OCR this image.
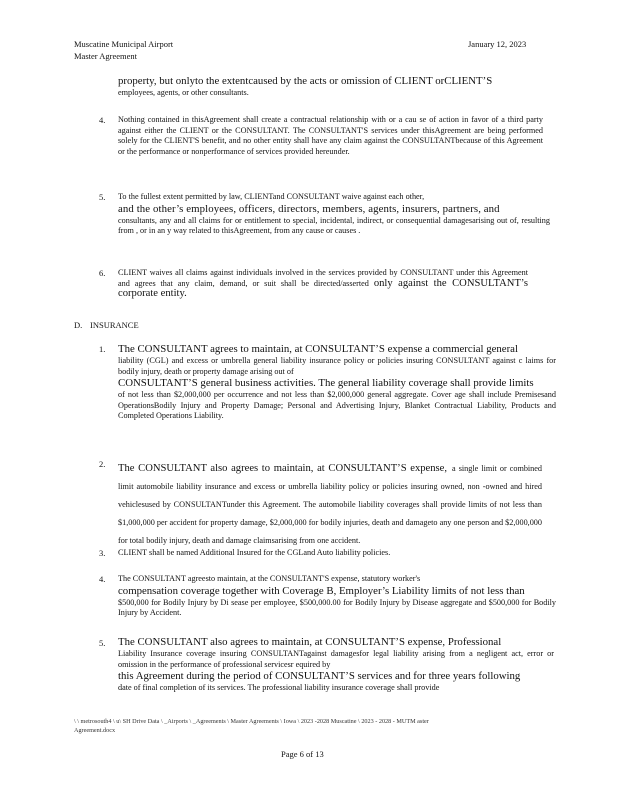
Muscatine Municipal Airport
Master Agreement
January 12, 2023
property, but onlyto the extentcaused by the acts or omission of CLIENT orCLIENT’S
employees, agents, or other consultants.
4. Nothing contained in thisAgreement shall create a contractual relationship with or a cau se of action in favor of a third party against either the CLIENT or the CONSULTANT. The CONSULTANT'S services under thisAgreement are being performed solely for the CLIENT'S benefit, and no other entity shall have any claim against the CONSULTANTbecause of this Agreement or the performance or nonperformance of services provided hereunder.
5. To the fullest extent permitted by law, CLIENTand CONSULTANT waive against each other,
and the other’s employees, officers, directors, members, agents, insurers, partners, and
consultants, any and all claims for or entitlement to special, incidental, indirect, or consequential damagesarising out of, resulting from , or in an y way related to thisAgreement, from any cause or causes .
6. CLIENT waives all claims against individuals involved in the services provided by CONSULTANT under this Agreement and agrees that any claim, demand, or suit shall be directed/asserted only against the CONSULTANT’s corporate entity.
D. INSURANCE
1. The CONSULTANT agrees to maintain, at CONSULTANT’S expense a commercial general
liability (CGL) and excess or umbrella general liability insurance policy or policies insuring CONSULTANT against c laims for bodily injury, death or property damage arising out of
CONSULTANT’S general business activities. The general liability coverage shall provide limits
of not less than $2,000,000 per occurrence and not less than $2,000,000 general aggregate. Cover age shall include Premisesand OperationsBodily Injury and Property Damage; Personal and Advertising Injury, Blanket Contractual Liability, Products and Completed Operations Liability.
2. The CONSULTANT also agrees to maintain, at CONSULTANT’S expense, a single limit or combined limit automobile liability insurance and excess or umbrella liability policy or policies insuring owned, non -owned and hired vehiclesused by CONSULTANTunder this Agreement. The automobile liability coverages shall provide limits of not less than $1,000,000 per accident for property damage, $2,000,000 for bodily injuries, death and damageto any one person and $2,000,000 for total bodily injury, death and damage claimsarising from one accident.
3. CLIENT shall be named Additional Insured for the CGLand Auto liability policies.
4. The CONSULTANT agreesto maintain, at the CONSULTANT'S expense, statutory worker's
compensation coverage together with Coverage B, Employer’s Liability limits of not less than
$500,000 for Bodily Injury by Di sease per employee, $500,000.00 for Bodily Injury by Disease aggregate and $500,000 for Bodily Injury by Accident.
5. The CONSULTANT also agrees to maintain, at CONSULTANT’S expense, Professional
Liability Insurance coverage insuring CONSULTANTagainst damagesfor legal liability arising from a negligent act, error or omission in the performance of professional servicesr equired by
this Agreement during the period of CONSULTANT’S services and for three years following
date of final completion of its services. The professional liability insurance coverage shall provide
\ \ metrosouth4 \ u\ SH Drive Data \ _Airports \ _Agreements \ Master Agreements \ Iowa \ 2023 -2028 Muscatine \ 2023 - 2028 - MUTM aster
Agreement.docx
Page 6 of 13
